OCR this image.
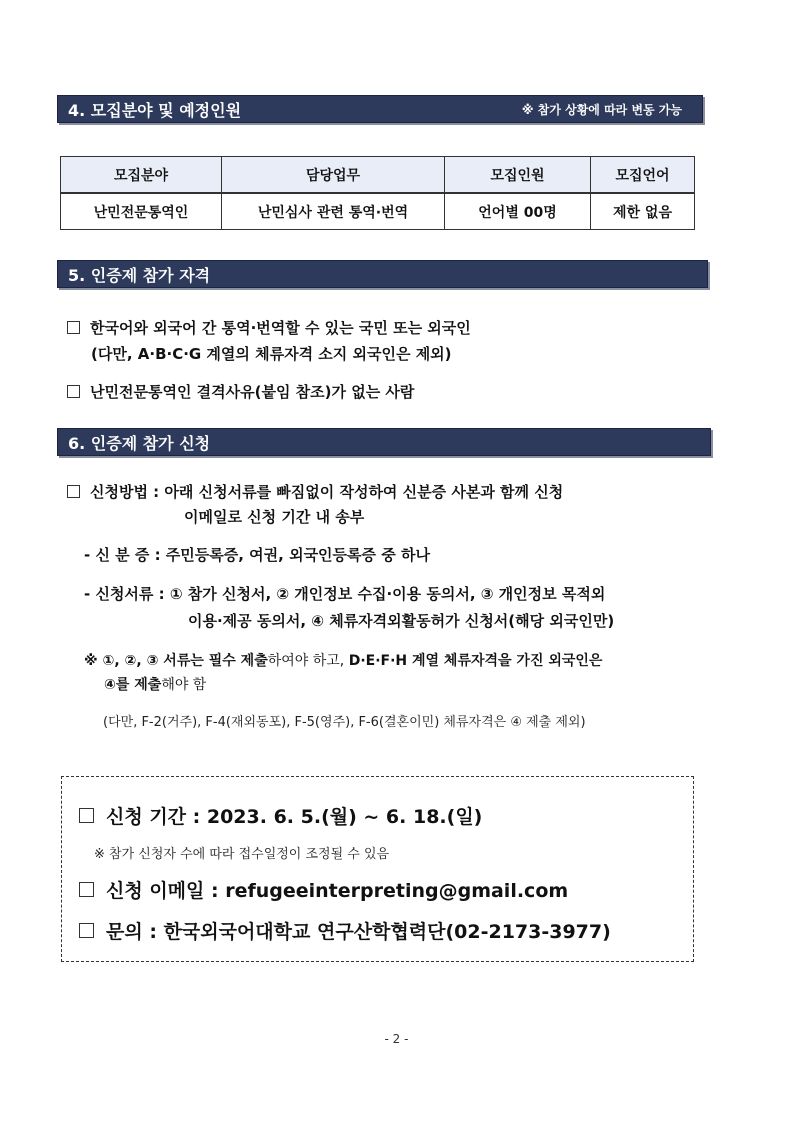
4. 모집분야 및 예정인원	※ 참가 상황에 따라 변동 가능
모집분야	담당업무	모집인원	모집언어
난민전문통역인	난민심사 관련 통역·번역	언어별 00명	제한 없음
5. 인증제 참가 자격
한국어와 외국어 간 통역·번역할 수 있는 국민 또는 외국인
(다만, A·B·C·G 계열의 체류자격 소지 외국인은 제외)
난민전문통역인 결격사유(붙임 참조)가 없는 사람
6. 인증제 참가 신청
신청방법 : 아래 신청서류를 빠짐없이 작성하여 신분증 사본과 함께 신청
이메일로 신청 기간 내 송부
- 신 분 증 : 주민등록증, 여권, 외국인등록증 중 하나
- 신청서류 : ① 참가 신청서, ② 개인정보 수집·이용 동의서, ③ 개인정보 목적외
이용·제공 동의서, ④ 체류자격외활동허가 신청서(해당 외국인만)
※ ①, ②, ③ 서류는 필수 제출하여야 하고, D·E·F·H 계열 체류자격을 가진 외국인은
④를 제출해야 함
(다만, F-2(거주), F-4(재외동포), F-5(영주), F-6(결혼이민) 체류자격은 ④ 제출 제외)
신청 기간 : 2023. 6. 5.(월) ~ 6. 18.(일)
※ 참가 신청자 수에 따라 접수일정이 조정될 수 있음
신청 이메일 : refugeeinterpreting@gmail.com
문의 : 한국외국어대학교 연구산학협력단(02-2173-3977)
- 2 -
